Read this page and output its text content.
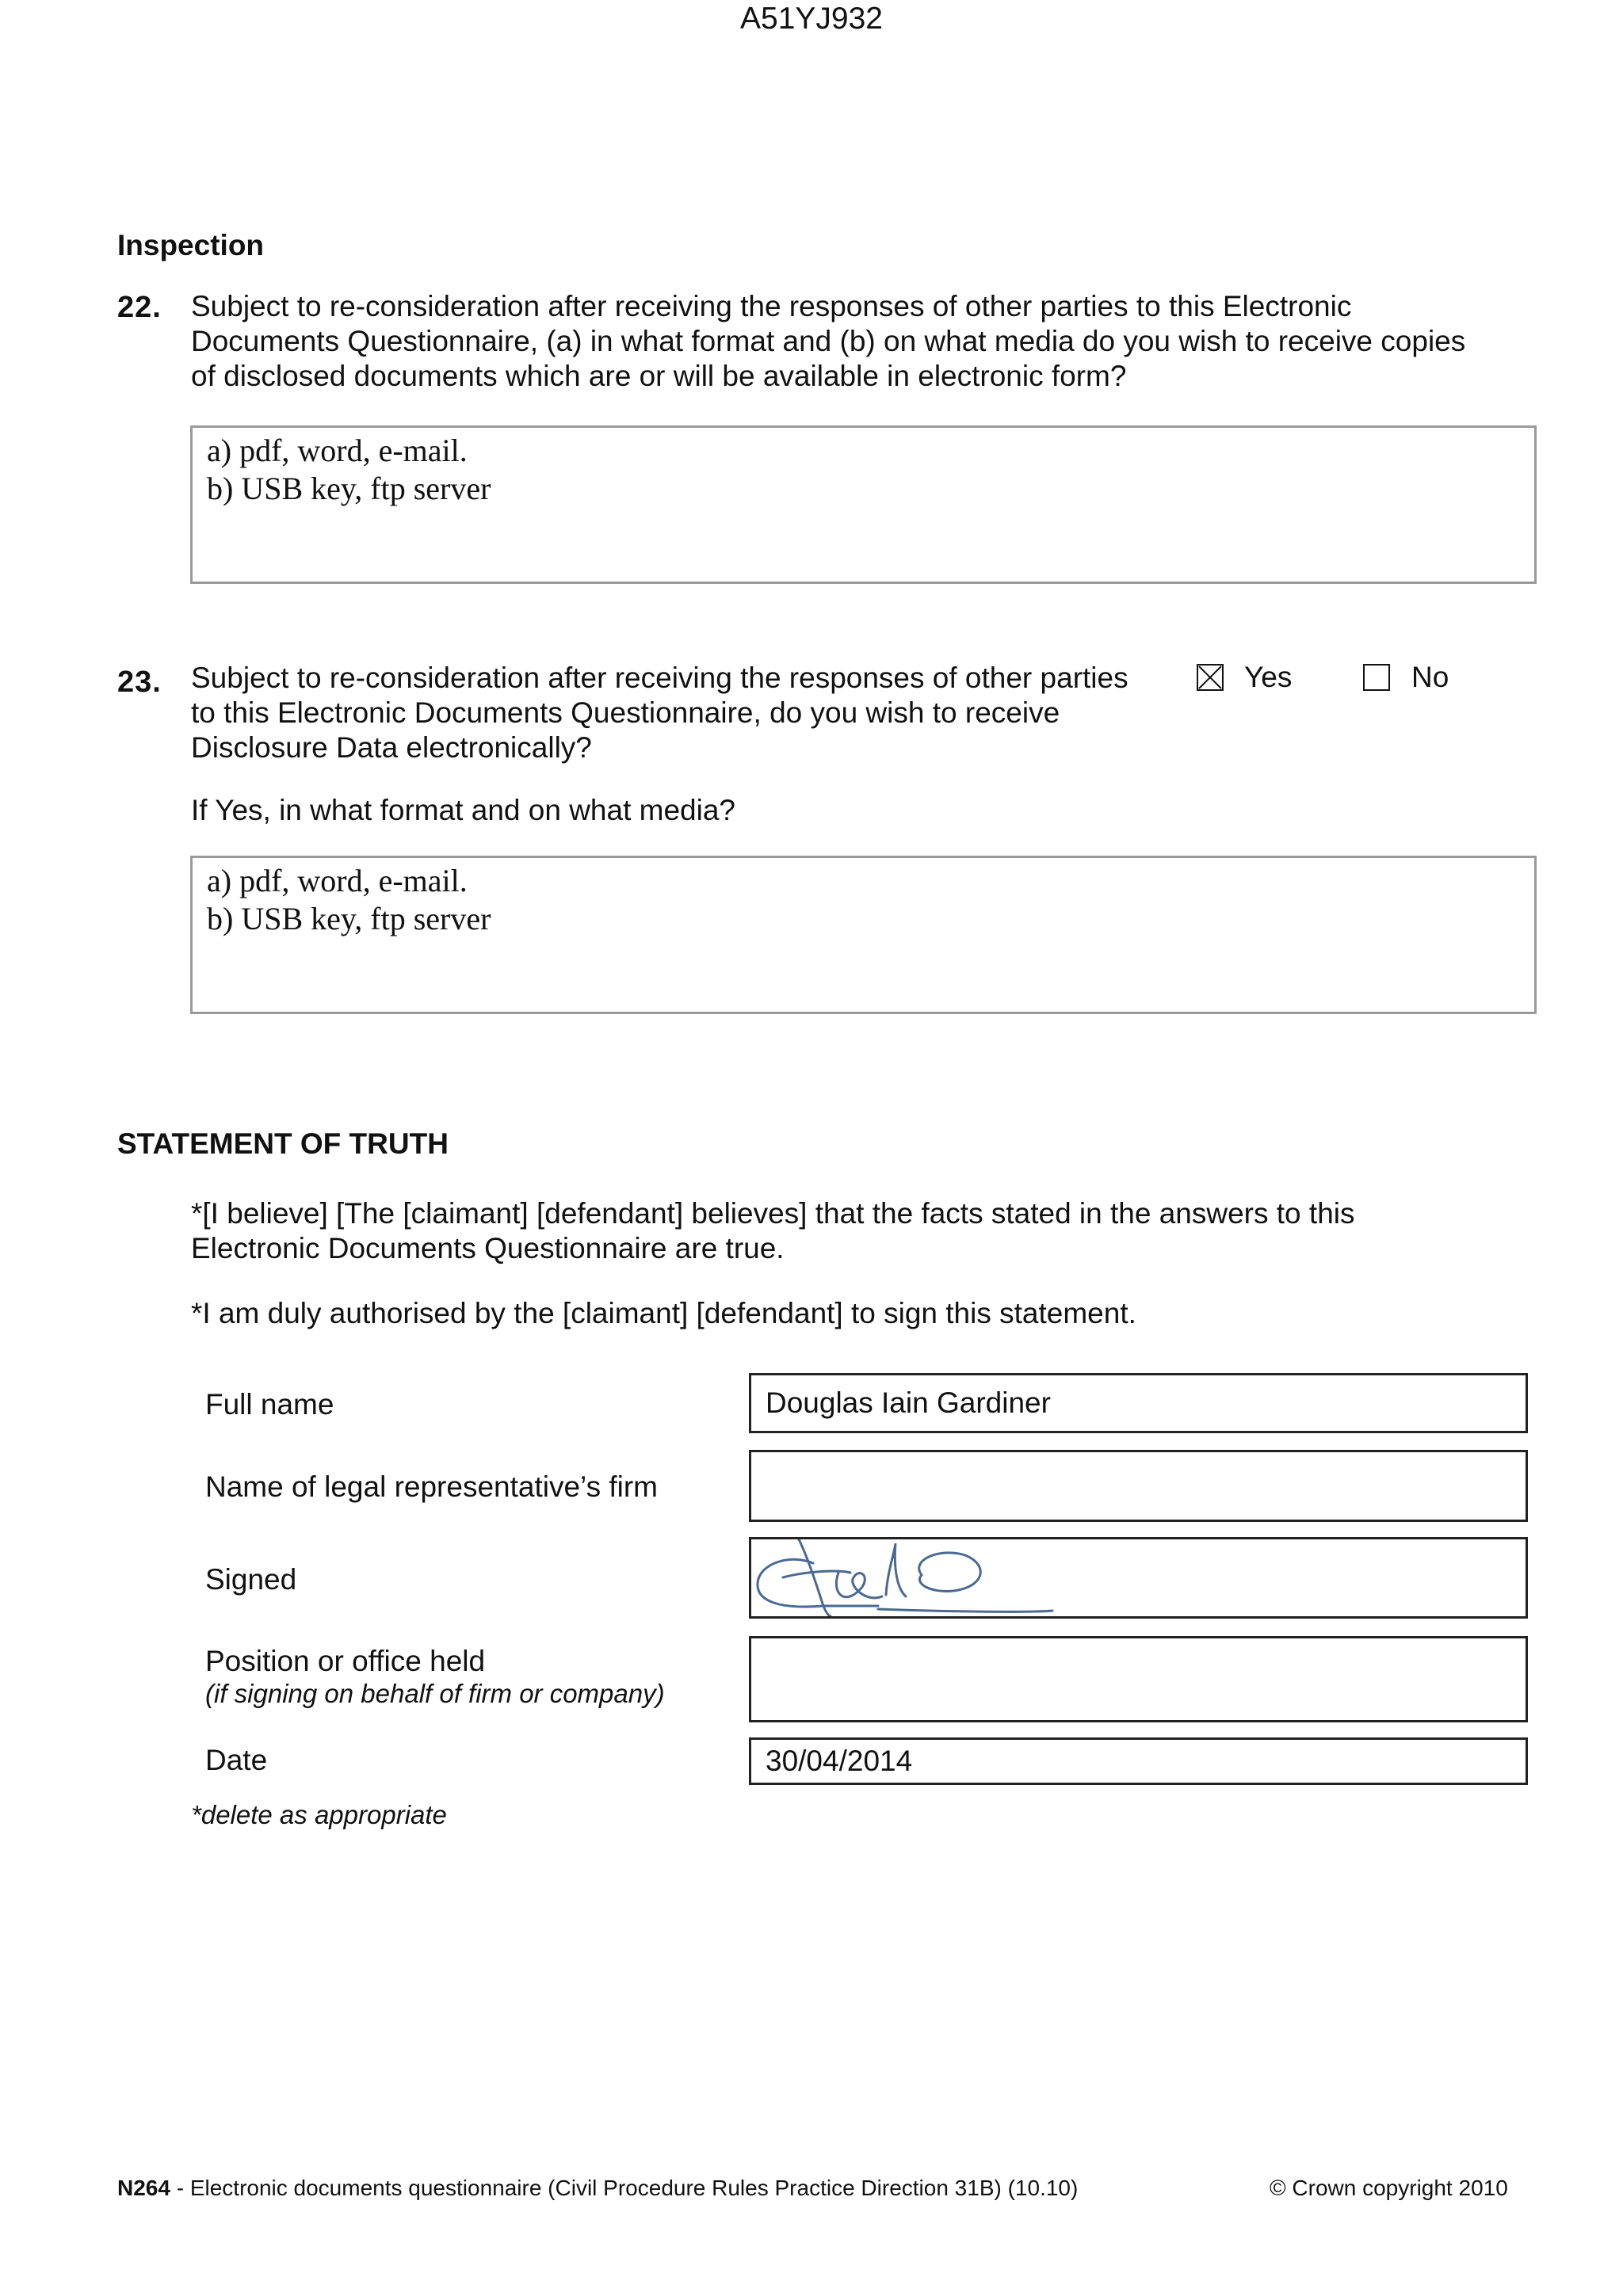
A51YJ932
Inspection
22. Subject to re-consideration after receiving the responses of other parties to this Electronic
Documents Questionnaire, (a) in what format and (b) on what media do you wish to receive copies
of disclosed documents which are or will be available in electronic form?
a) pdf, word, e-mail.
b) USB key, ftp server
23. Subject to re-consideration after receiving the responses of other parties
to this Electronic Documents Questionnaire, do you wish to receive
Disclosure Data electronically?
Yes	No
If Yes, in what format and on what media?
a) pdf, word, e-mail.
b) USB key, ftp server
STATEMENT OF TRUTH
*[I believe] [The [claimant] [defendant] believes] that the facts stated in the answers to this
Electronic Documents Questionnaire are true.
*I am duly authorised by the [claimant] [defendant] to sign this statement.
Full name	Douglas Iain Gardiner
Name of legal representative’s firm
Signed
Position or office held
(if signing on behalf of firm or company)
Date	30/04/2014
*delete as appropriate
N264 - Electronic documents questionnaire (Civil Procedure Rules Practice Direction 31B) (10.10)	© Crown copyright 2010
